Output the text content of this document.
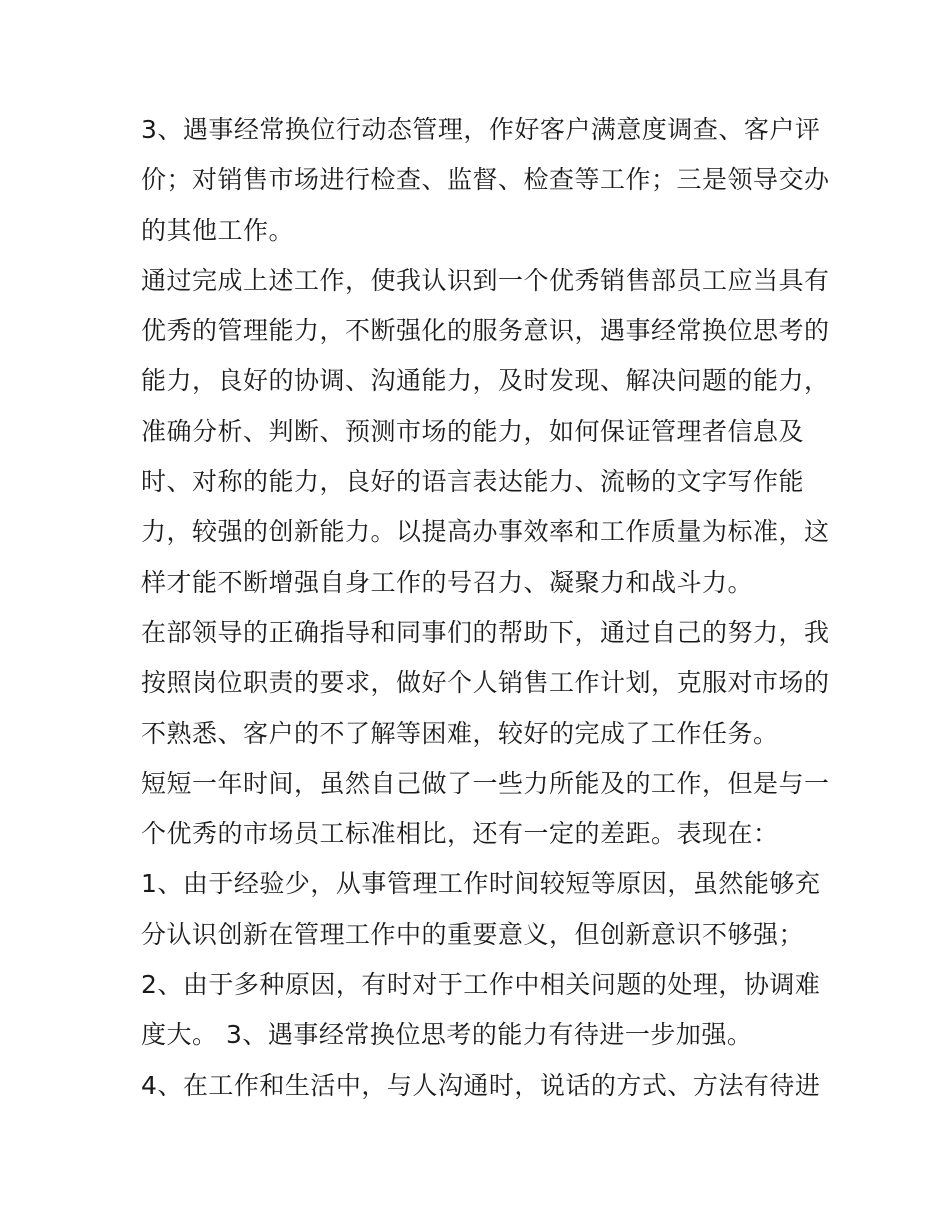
3、遇事经常换位行动态管理，作好客户满意度调查、客户评
价；对销售市场进行检查、监督、检查等工作；三是领导交办
的其他工作。
通过完成上述工作，使我认识到一个优秀销售部员工应当具有
优秀的管理能力，不断强化的服务意识，遇事经常换位思考的
能力，良好的协调、沟通能力，及时发现、解决问题的能力，
准确分析、判断、预测市场的能力，如何保证管理者信息及
时、对称的能力，良好的语言表达能力、流畅的文字写作能
力，较强的创新能力。以提高办事效率和工作质量为标准，这
样才能不断增强自身工作的号召力、凝聚力和战斗力。
在部领导的正确指导和同事们的帮助下，通过自己的努力，我
按照岗位职责的要求，做好个人销售工作计划，克服对市场的
不熟悉、客户的不了解等困难，较好的完成了工作任务。
短短一年时间，虽然自己做了一些力所能及的工作，但是与一
个优秀的市场员工标准相比，还有一定的差距。表现在：
1、由于经验少，从事管理工作时间较短等原因，虽然能够充
分认识创新在管理工作中的重要意义，但创新意识不够强；
2、由于多种原因，有时对于工作中相关问题的处理，协调难
度大。 3、遇事经常换位思考的能力有待进一步加强。
4、在工作和生活中，与人沟通时，说话的方式、方法有待进
